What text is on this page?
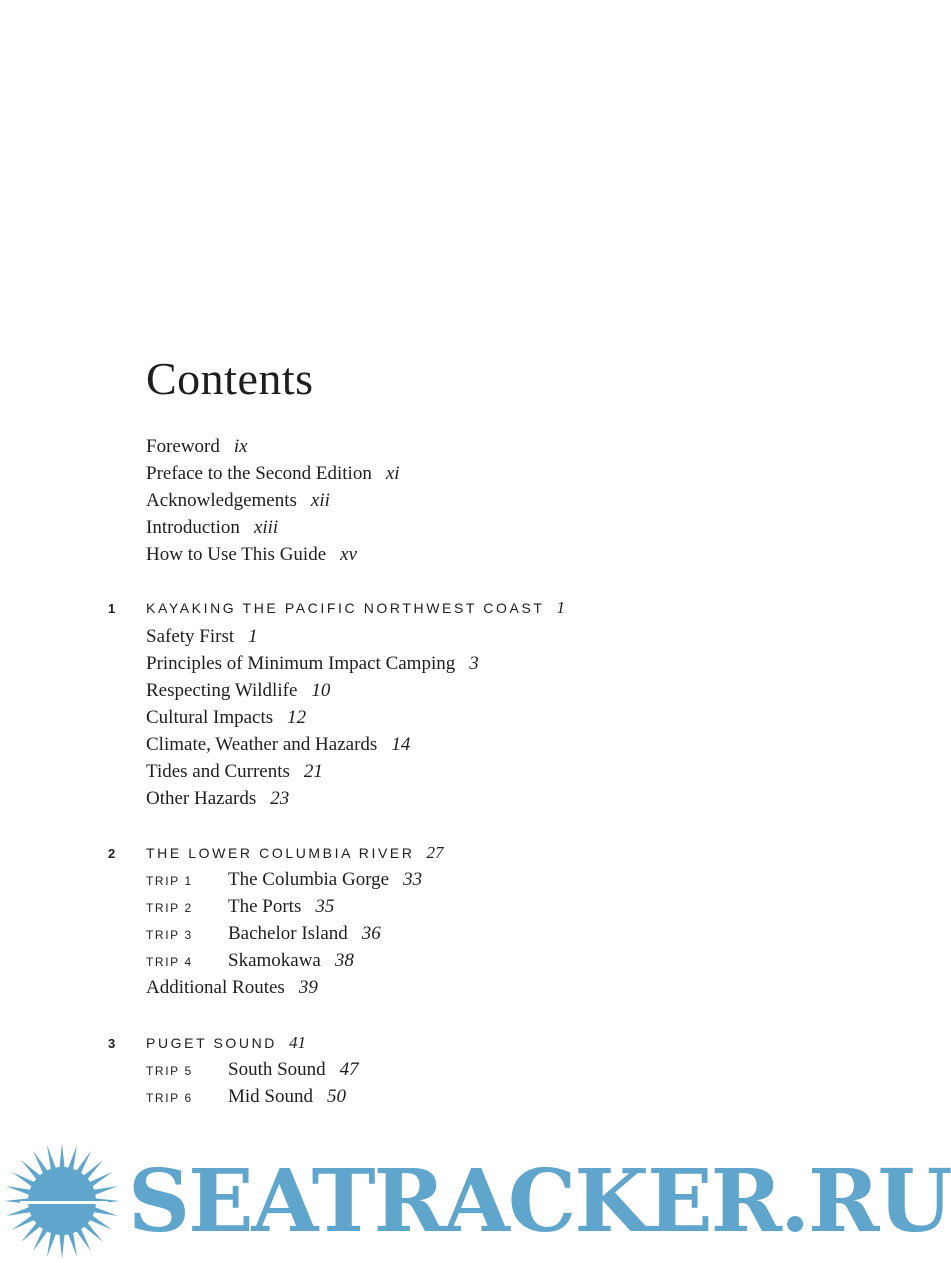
Contents
Foreword ix
Preface to the Second Edition xi
Acknowledgements xii
Introduction xiii
How to Use This Guide xv
1 KAYAKING THE PACIFIC NORTHWEST COAST 1
Safety First 1
Principles of Minimum Impact Camping 3
Respecting Wildlife 10
Cultural Impacts 12
Climate, Weather and Hazards 14
Tides and Currents 21
Other Hazards 23
2 THE LOWER COLUMBIA RIVER 27
TRIP 1 The Columbia Gorge 33
TRIP 2 The Ports 35
TRIP 3 Bachelor Island 36
TRIP 4 Skamokawa 38
Additional Routes 39
3 PUGET SOUND 41
TRIP 5 South Sound 47
TRIP 6 Mid Sound 50
SEATRACKER.RU
